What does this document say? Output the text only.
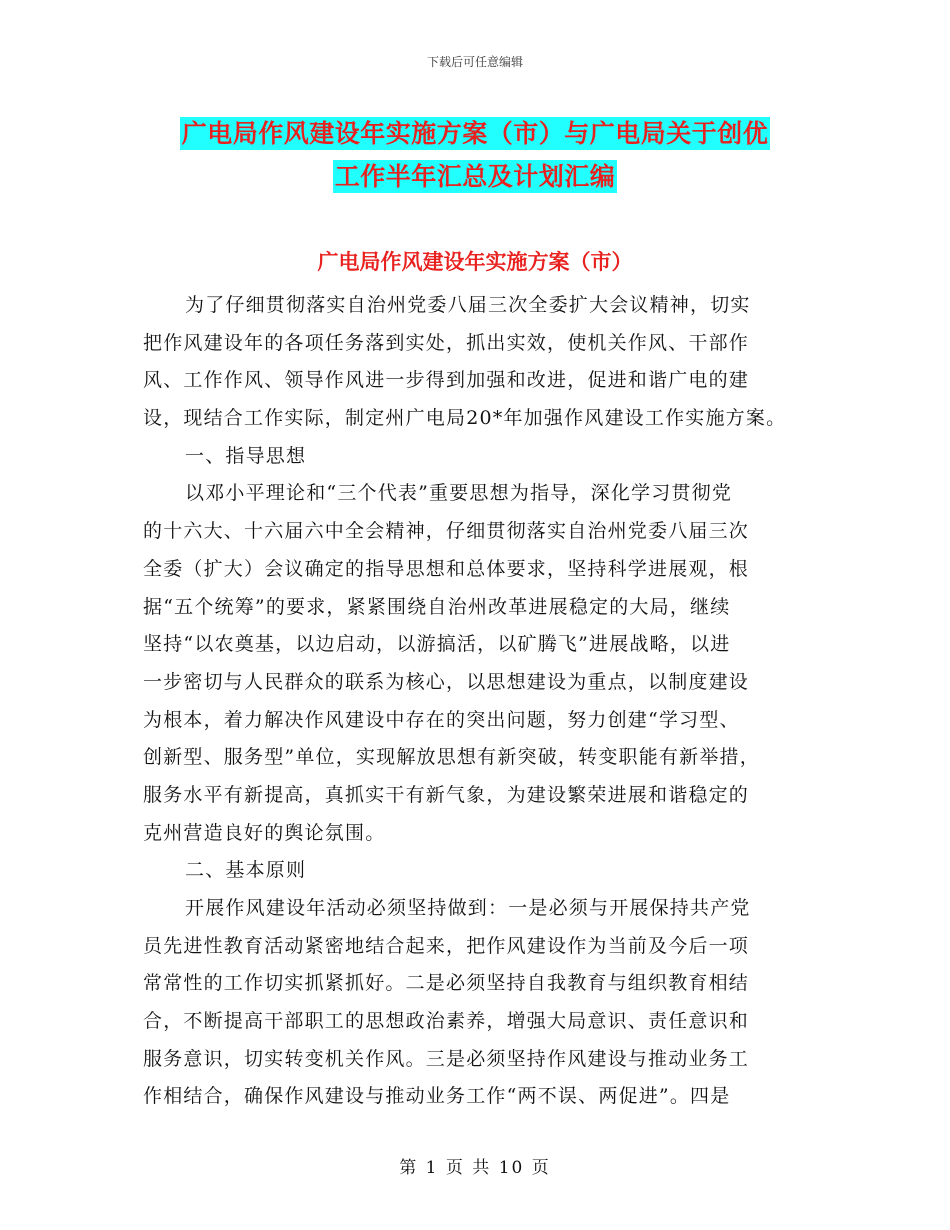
下载后可任意编辑
广电局作风建设年实施方案（市）与广电局关于创优
工作半年汇总及计划汇编
广电局作风建设年实施方案（市）
为了仔细贯彻落实自治州党委八届三次全委扩大会议精神，切实
把作风建设年的各项任务落到实处，抓出实效，使机关作风、干部作
风、工作作风、领导作风进一步得到加强和改进，促进和谐广电的建
设，现结合工作实际，制定州广电局20*年加强作风建设工作实施方案。
一、指导思想
以邓小平理论和“三个代表”重要思想为指导，深化学习贯彻党
的十六大、十六届六中全会精神，仔细贯彻落实自治州党委八届三次
全委（扩大）会议确定的指导思想和总体要求，坚持科学进展观，根
据“五个统筹”的要求，紧紧围绕自治州改革进展稳定的大局，继续
坚持“以农奠基，以边启动，以游搞活，以矿腾飞”进展战略，以进
一步密切与人民群众的联系为核心，以思想建设为重点，以制度建设
为根本，着力解决作风建设中存在的突出问题，努力创建“学习型、
创新型、服务型”单位，实现解放思想有新突破，转变职能有新举措，
服务水平有新提高，真抓实干有新气象，为建设繁荣进展和谐稳定的
克州营造良好的舆论氛围。
二、基本原则
开展作风建设年活动必须坚持做到：一是必须与开展保持共产党
员先进性教育活动紧密地结合起来，把作风建设作为当前及今后一项
常常性的工作切实抓紧抓好。二是必须坚持自我教育与组织教育相结
合，不断提高干部职工的思想政治素养，增强大局意识、责任意识和
服务意识，切实转变机关作风。三是必须坚持作风建设与推动业务工
作相结合，确保作风建设与推动业务工作“两不误、两促进”。四是
第 1 页 共 10 页
